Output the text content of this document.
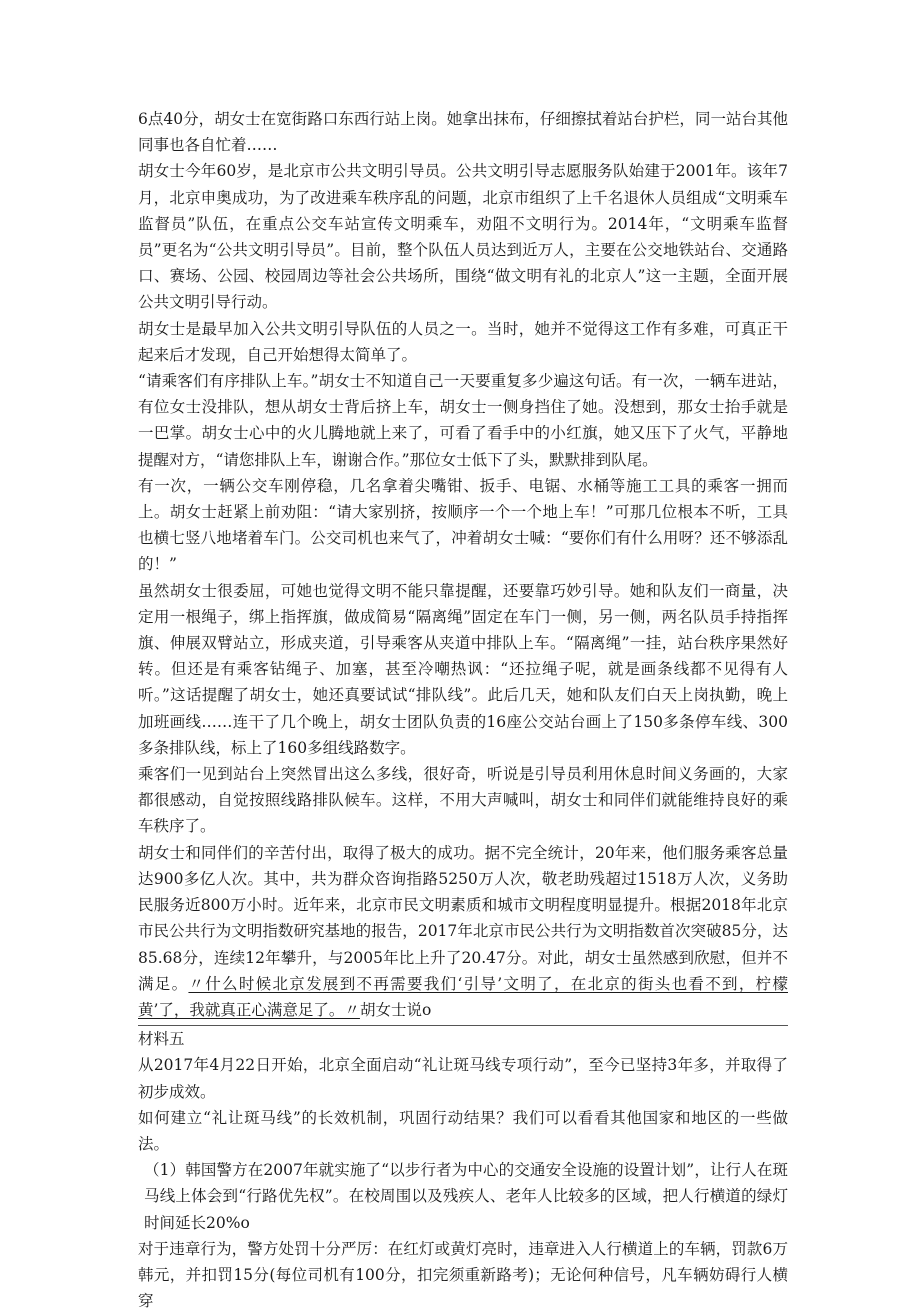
6点40分，胡女士在宽街路口东西行站上岗。她拿出抹布，仔细擦拭着站台护栏，同一站台其他同事也各自忙着……

胡女士今年60岁，是北京市公共文明引导员。公共文明引导志愿服务队始建于2001年。该年7月，北京申奥成功，为了改进乘车秩序乱的问题，北京市组织了上千名退休人员组成“文明乘车监督员”队伍，在重点公交车站宣传文明乘车，劝阻不文明行为。2014年，“文明乘车监督员”更名为“公共文明引导员”。目前，整个队伍人员达到近万人，主要在公交地铁站台、交通路口、赛场、公园、校园周边等社会公共场所，围绕“做文明有礼的北京人”这一主题，全面开展公共文明引导行动。

胡女士是最早加入公共文明引导队伍的人员之一。当时，她并不觉得这工作有多难，可真正干起来后才发现，自己开始想得太简单了。

“请乘客们有序排队上车。”胡女士不知道自己一天要重复多少遍这句话。有一次，一辆车进站，有位女士没排队，想从胡女士背后挤上车，胡女士一侧身挡住了她。没想到，那女士抬手就是一巴掌。胡女士心中的火儿腾地就上来了，可看了看手中的小红旗，她又压下了火气，平静地提醒对方，“请您排队上车，谢谢合作。”那位女士低下了头，默默排到队尾。

有一次，一辆公交车刚停稳，几名拿着尖嘴钳、扳手、电锯、水桶等施工工具的乘客一拥而上。胡女士赶紧上前劝阻：“请大家别挤，按顺序一个一个地上车！”可那几位根本不听，工具也横七竖八地堵着车门。公交司机也来气了，冲着胡女士喊：“要你们有什么用呀？还不够添乱的！”

虽然胡女士很委屈，可她也觉得文明不能只靠提醒，还要靠巧妙引导。她和队友们一商量，决定用一根绳子，绑上指挥旗，做成简易“隔离绳”固定在车门一侧，另一侧，两名队员手持指挥旗、伸展双臂站立，形成夹道，引导乘客从夹道中排队上车。“隔离绳”一挂，站台秩序果然好转。但还是有乘客钻绳子、加塞，甚至冷嘲热讽：“还拉绳子呢，就是画条线都不见得有人听。”这话提醒了胡女士，她还真要试试“排队线”。此后几天，她和队友们白天上岗执勤，晚上加班画线……连干了几个晚上，胡女士团队负责的16座公交站台画上了150多条停车线、300多条排队线，标上了160多组线路数字。

乘客们一见到站台上突然冒出这么多线，很好奇，听说是引导员利用休息时间义务画的，大家都很感动，自觉按照线路排队候车。这样，不用大声喊叫，胡女士和同伴们就能维持良好的乘车秩序了。

胡女士和同伴们的辛苦付出，取得了极大的成功。据不完全统计，20年来，他们服务乘客总量达900多亿人次。其中，共为群众咨询指路5250万人次，敬老助残超过1518万人次，义务助民服务近800万小时。近年来，北京市民文明素质和城市文明程度明显提升。根据2018年北京市民公共行为文明指数研究基地的报告，2017年北京市民公共行为文明指数首次突破85分，达85.68分，连续12年攀升，与2005年比上升了20.47分。对此，胡女士虽然感到欣慰，但并不满足。〃什么时候北京发展到不再需要我们‘引导’文明了，在北京的街头也看不到，柠檬黄’了，我就真正心满意足了。〃胡女士说o

材料五

从2017年4月22日开始，北京全面启动“礼让斑马线专项行动”，至今已坚持3年多，并取得了初步成效。

如何建立“礼让斑马线”的长效机制，巩固行动结果？我们可以看看其他国家和地区的一些做法。

（1）韩国警方在2007年就实施了“以步行者为中心的交通安全设施的设置计划”，让行人在斑马线上体会到“行路优先权”。在校周围以及残疾人、老年人比较多的区域，把人行横道的绿灯时间延长20%o

对于违章行为，警方处罚十分严厉：在红灯或黄灯亮时，违章进入人行横道上的车辆，罚款6万韩元，并扣罚15分(每位司机有100分，扣完须重新路考)；无论何种信号，凡车辆妨碍行人横穿
